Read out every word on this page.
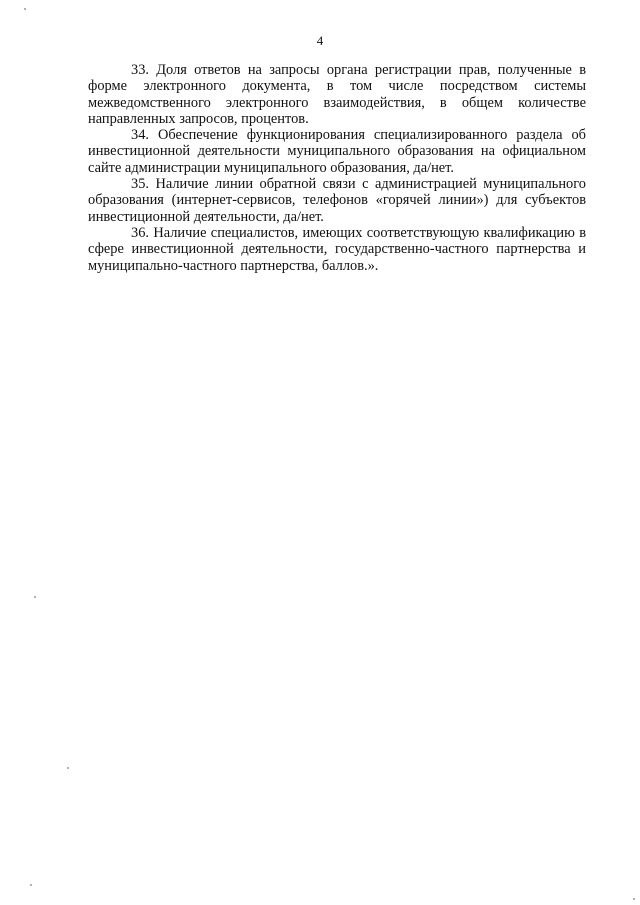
4

33. Доля ответов на запросы органа регистрации прав, полученные в форме электронного документа, в том числе посредством системы межведомственного электронного взаимодействия, в общем количестве направленных запросов, процентов.

34. Обеспечение функционирования специализированного раздела об инвестиционной деятельности муниципального образования на официальном сайте администрации муниципального образования, да/нет.

35. Наличие линии обратной связи с администрацией муниципального образования (интернет-сервисов, телефонов «горячей линии») для субъектов инвестиционной деятельности, да/нет.

36. Наличие специалистов, имеющих соответствующую квалификацию в сфере инвестиционной деятельности, государственно-частного партнерства и муниципально-частного партнерства, баллов.».
